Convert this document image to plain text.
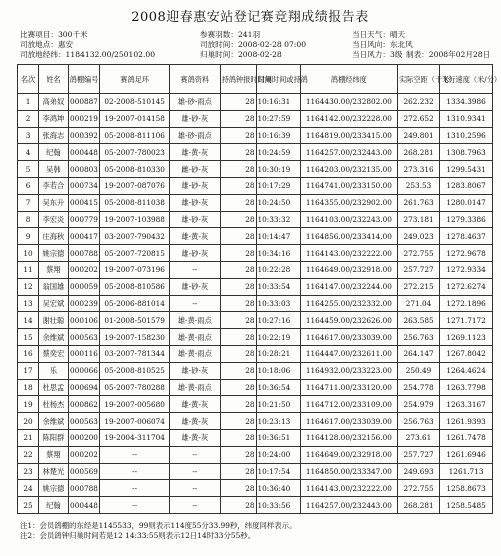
2008迎春惠安站登记赛竞翔成绩报告表
比赛项目：300千米
司放地点：惠安
司放地经纬：1184132.00/250102.00
参赛羽数：241羽
司放时间：2008-02-28 07:00
归巢时间：2008-02-28
当日天气：晴天
当日风向：东北风
当日风力：3级 制表：2008年02月28日
名次	姓名	鸽棚编号	赛鸽足环	赛鸽资料	持鸽钟报时时间	归巢时间或持鸽	鸽棚经纬度	实际空距（千米）	飞行速度（米/分）
1	高弟奴	000887	02-2008-510145	雄-砂-雨点	28	10:16:31	1164430.00/232802.00	262.232	1334.3986
2	李鸿坤	000219	19-2007-014158	雄-砂-灰	28	10:27:59	1164142.00/232228.00	272.652	1310.9341
3	张海志	000392	05-2008-811106	雄-砂-雨点	28	10:16:39	1164819.00/233415.00	249.801	1310.2596
4	纪翰	000448	05-2007-780023	雄-黄-灰	28	10:24:59	1164257.00/232443.00	268.281	1308.7963
5	吴韩	000803	05-2008-810330	雌-砂-灰	28	10:30:19	1164203.00/232135.00	273.316	1299.5431
6	李若合	000734	19-2007-087076	雄-砂-灰	28	10:17:29	1164741.00/233150.00	253.53	1283.8067
7	吴东升	000415	05-2008-811038	雄-砂-灰	28	10:24:50	1164355.00/232902.00	261.763	1280.0147
8	李宏炎	000779	19-2007-103988	雄-砂-灰	28	10:33:32	1164103.00/232243.00	273.181	1279.3386
9	庄海秋	000417	03-2007-790432	雄-黄-灰	28	10:14:47	1164856.00/233414.00	249.023	1278.4637
10	姚宗德	000788	05-2007-720815	雄-砂-灰	28	10:34:16	1164143.00/232222.00	272.755	1272.9678
11	蔡翔	000202	19-2007-073196	--	28	10:22:28	1164649.00/232918.00	257.727	1272.9334
12	翁国雄	000059	05-2008-810586	雄-砂-灰	28	10:33:54	1164147.00/232244.00	272.215	1272.6274
13	吴宏斌	000239	05-2006-881014	--	28	10:33:03	1164255.00/232332.00	271.04	1272.1896
14	谢壮聪	000106	01-2008-501579	雄-黄-雨点	28	10:27:16	1164459.00/232626.00	263.585	1271.7172
15	余维斌	000563	19-2007-158230	雄-黄-雨点	28	10:22:19	1164617.00/233039.00	256.763	1269.1123
16	蔡奕宏	000116	03-2007-781344	雄-黄-雨点	28	10:28:21	1164447.00/232611.00	264.147	1267.8042
17	乐	000066	05-2008-810525	雄-砂-灰	28	10:18:06	1164932.00/233223.00	250.49	1264.4624
18	杜思孟	000694	05-2007-780288	雄-黄-雨点	28	10:36:54	1164711.00/233120.00	254.778	1263.7798
19	杜杨杰	000862	19-2007-005680	雄-黄-灰	28	10:21:50	1164712.00/233109.00	254.979	1263.3167
20	余维斌	000563	19-2007-006074	雄-黄-灰	28	10:23:13	1164617.00/233039.00	256.763	1261.9393
21	陈阳群	000200	19-2004-311704	雄-黄-灰	28	10:36:51	1164128.00/232156.00	273.61	1261.7478
22	蔡翔	000202	--	--	28	10:24:00	1164649.00/232918.00	257.727	1261.6946
23	林楚光	000569	--	--	28	10:17:54	1164850.00/233347.00	249.693	1261.713
24	姚宗德	000788	--	--	28	10:36:40	1164143.00/232222.00	272.755	1258.8673
25	纪翰	000448	--	--	28	10:33:56	1164257.00/232443.00	268.281	1258.5485
注1：会员鸽棚的东经是1145533，99则表示114度55分33.99秒，纬度同样表示。
注2：会员鸽钟归巢时间若是12 14:33:55则表示12日14时33分55秒。
